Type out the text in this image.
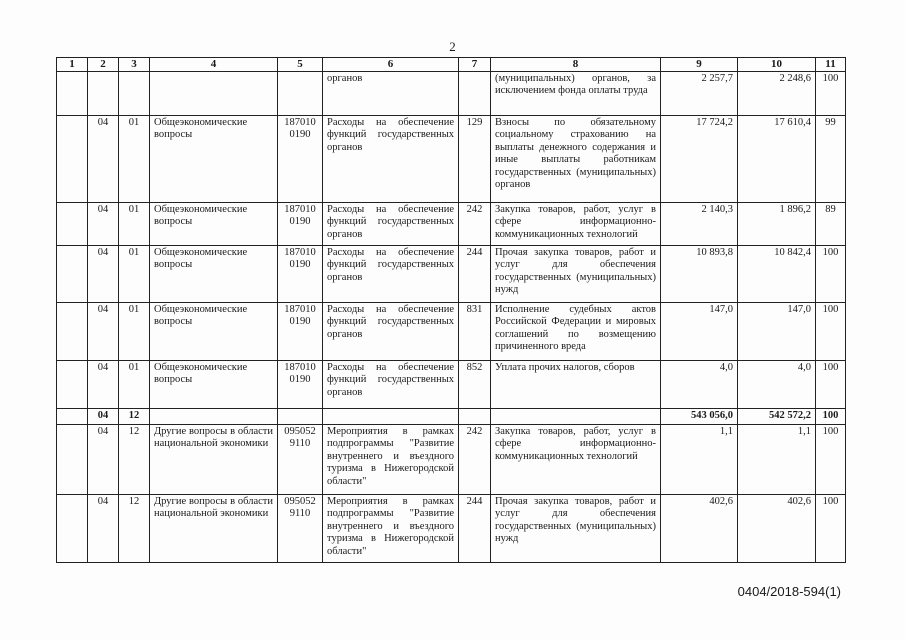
2
1	2	3	4	5	6	7	8	9	10	11
					органов		(муниципальных) органов, за исключением фонда оплаты труда	2 257,7	2 248,6	100
	04	01	Общеэкономические вопросы	187010 0190	Расходы на обеспечение функций государственных органов	129	Взносы по обязательному социальному страхованию на выплаты денежного содержания и иные выплаты работникам государственных (муниципальных) органов	17 724,2	17 610,4	99
	04	01	Общеэкономические вопросы	187010 0190	Расходы на обеспечение функций государственных органов	242	Закупка товаров, работ, услуг в сфере информационно-коммуникационных технологий	2 140,3	1 896,2	89
	04	01	Общеэкономические вопросы	187010 0190	Расходы на обеспечение функций государственных органов	244	Прочая закупка товаров, работ и услуг для обеспечения государственных (муниципальных) нужд	10 893,8	10 842,4	100
	04	01	Общеэкономические вопросы	187010 0190	Расходы на обеспечение функций государственных органов	831	Исполнение судебных актов Российской Федерации и мировых соглашений по возмещению причиненного вреда	147,0	147,0	100
	04	01	Общеэкономические вопросы	187010 0190	Расходы на обеспечение функций государственных органов	852	Уплата прочих налогов, сборов	4,0	4,0	100
	04	12						543 056,0	542 572,2	100
	04	12	Другие вопросы в области национальной экономики	095052 9110	Мероприятия в рамках подпрограммы "Развитие внутреннего и въездного туризма в Нижегородской области"	242	Закупка товаров, работ, услуг в сфере информационно-коммуникационных технологий	1,1	1,1	100
	04	12	Другие вопросы в области национальной экономики	095052 9110	Мероприятия в рамках подпрограммы "Развитие внутреннего и въездного туризма в Нижегородской области"	244	Прочая закупка товаров, работ и услуг для обеспечения государственных (муниципальных) нужд	402,6	402,6	100
0404/2018-594(1)
